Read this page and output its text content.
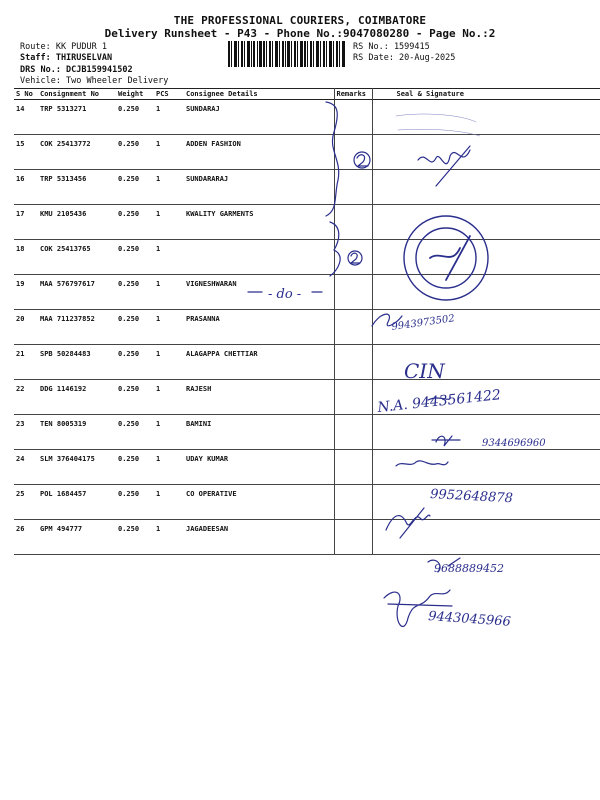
THE PROFESSIONAL COURIERS, COIMBATORE
Delivery Runsheet - P43 - Phone No.:9047080280 - Page No.:2
Route: KK PUDUR 1
Staff: THIRUSELVAN
DRS No.: DCJB159941502
Vehicle: Two Wheeler Delivery
RS No.: 1599415
RS Date: 20-Aug-2025
S No	Consignment No	Weight	PCS	Consignee Details	Remarks	Seal & Signature
14	TRP 5313271	0.250	1	SUNDARAJ		
15	COK 25413772	0.250	1	ADDEN FASHION		
16	TRP 5313456	0.250	1	SUNDARARAJ		
17	KMU 2105436	0.250	1	KWALITY GARMENTS		
18	COK 25413765	0.250	1			
19	MAA 576797617	0.250	1	VIGNESHWARAN		
20	MAA 711237852	0.250	1	PRASANNA		
21	SPB 50284483	0.250	1	ALAGAPPA CHETTIAR		
22	DDG 1146192	0.250	1	RAJESH		
23	TEN 8005319	0.250	1	BAMINI		
24	SLM 376404175	0.250	1	UDAY KUMAR		
25	POL 1684457	0.250	1	CO OPERATIVE		
26	GPM 494777	0.250	1	JAGADEESAN		
- do -
9943973502
CIN
N.A. 9443561422
9344696960
9952648878
9688889452
9443045966
